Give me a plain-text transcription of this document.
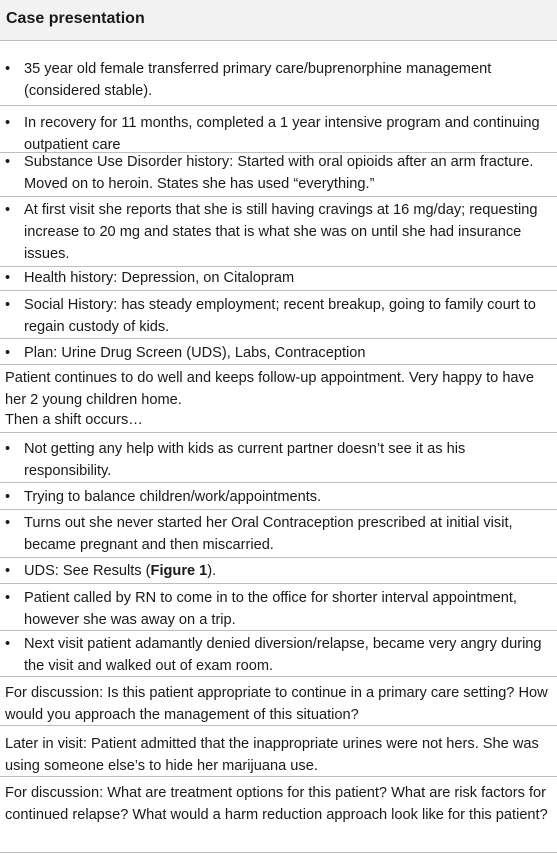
Case presentation
• 35 year old female transferred primary care/buprenorphine management (considered stable).
• In recovery for 11 months, completed a 1 year intensive program and continuing outpatient care
• Substance Use Disorder history: Started with oral opioids after an arm fracture. Moved on to heroin. States she has used “everything.”
• At first visit she reports that she is still having cravings at 16 mg/day; requesting increase to 20 mg and states that is what she was on until she had insurance issues.
• Health history: Depression, on Citalopram
• Social History: has steady employment; recent breakup, going to family court to regain custody of kids.
• Plan: Urine Drug Screen (UDS), Labs, Contraception
Patient continues to do well and keeps follow-up appointment. Very happy to have her 2 young children home.
Then a shift occurs…
• Not getting any help with kids as current partner doesn’t see it as his responsibility.
• Trying to balance children/work/appointments.
• Turns out she never started her Oral Contraception prescribed at initial visit, became pregnant and then miscarried.
• UDS: See Results (Figure 1).
• Patient called by RN to come in to the office for shorter interval appointment, however she was away on a trip.
• Next visit patient adamantly denied diversion/relapse, became very angry during the visit and walked out of exam room.
For discussion: Is this patient appropriate to continue in a primary care setting? How would you approach the management of this situation?
Later in visit: Patient admitted that the inappropriate urines were not hers. She was using someone else’s to hide her marijuana use.
For discussion: What are treatment options for this patient? What are risk factors for continued relapse? What would a harm reduction approach look like for this patient?
